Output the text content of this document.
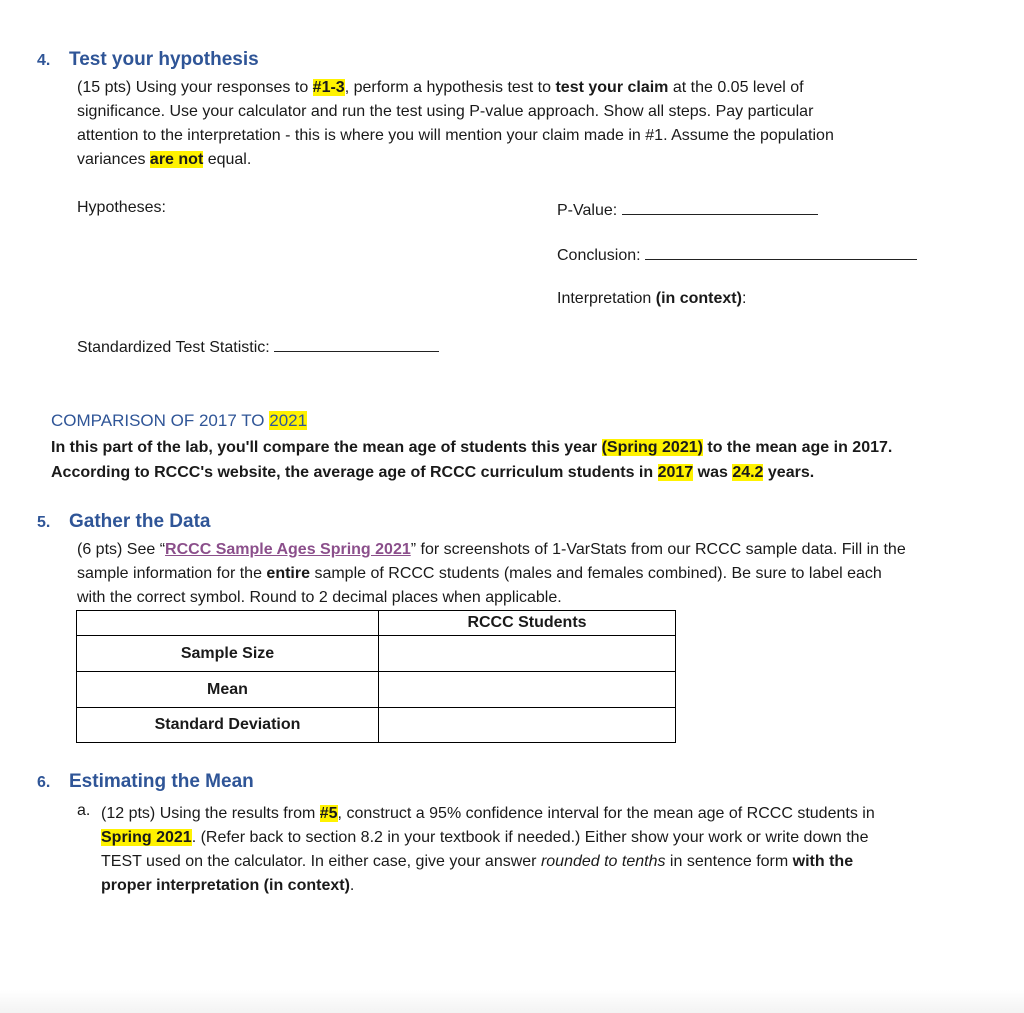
4. Test your hypothesis
(15 pts) Using your responses to #1-3, perform a hypothesis test to test your claim at the 0.05 level of
significance. Use your calculator and run the test using P-value approach. Show all steps. Pay particular
attention to the interpretation - this is where you will mention your claim made in #1. Assume the population
variances are not equal.
Hypotheses:	P-Value:
Conclusion:
Interpretation (in context):
Standardized Test Statistic:
COMPARISON OF 2017 TO 2021
In this part of the lab, you'll compare the mean age of students this year (Spring 2021) to the mean age in 2017.
According to RCCC's website, the average age of RCCC curriculum students in 2017 was 24.2 years.
5. Gather the Data
(6 pts) See “RCCC Sample Ages Spring 2021” for screenshots of 1-VarStats from our RCCC sample data. Fill in the
sample information for the entire sample of RCCC students (males and females combined). Be sure to label each
with the correct symbol. Round to 2 decimal places when applicable.
	RCCC Students
Sample Size	
Mean	
Standard Deviation	
6. Estimating the Mean
a. (12 pts) Using the results from #5, construct a 95% confidence interval for the mean age of RCCC students in
Spring 2021. (Refer back to section 8.2 in your textbook if needed.) Either show your work or write down the
TEST used on the calculator. In either case, give your answer rounded to tenths in sentence form with the
proper interpretation (in context).
